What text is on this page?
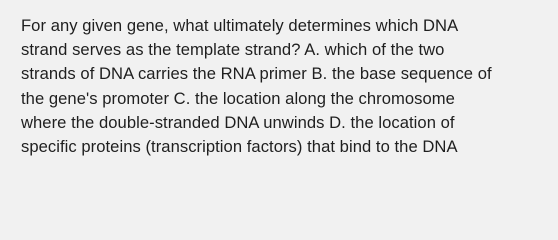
For any given gene, what ultimately determines which DNA
strand serves as the template strand? A. which of the two
strands of DNA carries the RNA primer B. the base sequence of
the gene's promoter C. the location along the chromosome
where the double-stranded DNA unwinds D. the location of
specific proteins (transcription factors) that bind to the DNA
